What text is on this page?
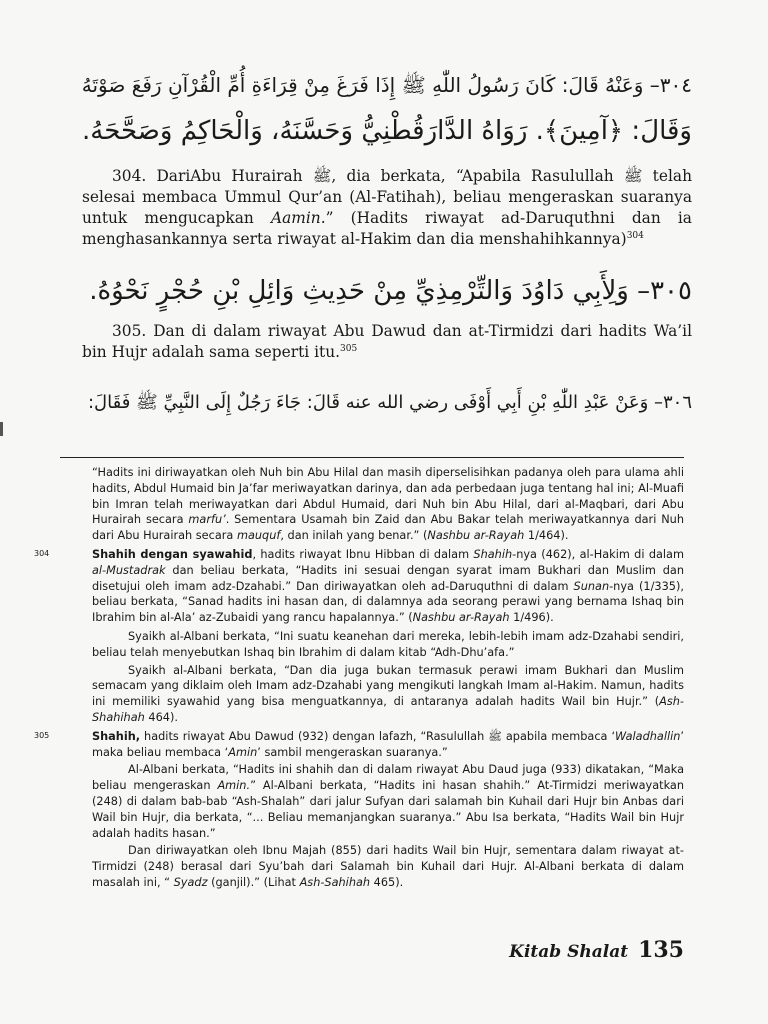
٣٠٤– وَعَنْهُ قَالَ: كَانَ رَسُولُ اللّٰهِ ﷺ إِذَا فَرَغَ مِنْ قِرَاءَةِ أُمِّ الْقُرْآنِ رَفَعَ صَوْتَهُ
وَقَالَ: ﴿آمِينَ﴾. رَوَاهُ الدَّارَقُطْنِيُّ وَحَسَّنَهُ، وَالْحَاكِمُ وَصَحَّحَهُ.
304. DariAbu Hurairah ﷺ, dia berkata, “Apabila Rasulullah ﷺ telah selesai membaca Ummul Qur’an (Al-Fatihah), beliau mengeraskan suaranya untuk mengucapkan Aamin.” (Hadits riwayat ad-Daruquthni dan ia menghasankannya serta riwayat al-Hakim dan dia menshahihkannya)$^{304}$
٣٠٥– وَلِأَبِي دَاوُدَ وَالتِّرْمِذِيِّ مِنْ حَدِيثِ وَائِلِ بْنِ حُجْرٍ نَحْوُهُ.
305. Dan di dalam riwayat Abu Dawud dan at-Tirmidzi dari hadits Wa’il bin Hujr adalah sama seperti itu.$^{305}$
٣٠٦– وَعَنْ عَبْدِ اللّٰهِ بْنِ أَبِي أَوْفَى رضي الله عنه قَالَ: جَاءَ رَجُلٌ إِلَى النَّبِيِّ ﷺ فَقَالَ:

“Hadits ini diriwayatkan oleh Nuh bin Abu Hilal dan masih diperselisihkan padanya oleh para ulama ahli hadits, Abdul Humaid bin Ja’far meriwayatkan darinya, dan ada perbedaan juga tentang hal ini; Al-Muafi bin Imran telah meriwayatkan dari Abdul Humaid, dari Nuh bin Abu Hilal, dari al-Maqbari, dari Abu Hurairah secara marfu’. Sementara Usamah bin Zaid dan Abu Bakar telah meriwayatkannya dari Nuh dari Abu Hurairah secara mauquf, dan inilah yang benar.” (Nashbu ar-Rayah 1/464).

304	Shahih dengan syawahid, hadits riwayat Ibnu Hibban di dalam Shahih-nya (462), al-Hakim di dalam al-Mustadrak dan beliau berkata, “Hadits ini sesuai dengan syarat imam Bukhari dan Muslim dan disetujui oleh imam adz-Dzahabi.” Dan diriwayatkan oleh ad-Daruquthni di dalam Sunan-nya (1/335), beliau berkata, “Sanad hadits ini hasan dan, di dalamnya ada seorang perawi yang bernama Ishaq bin Ibrahim bin al-Ala’ az-Zubaidi yang rancu hapalannya.” (Nashbu ar-Rayah 1/496).

Syaikh al-Albani berkata, “Ini suatu keanehan dari mereka, lebih-lebih imam adz-Dzahabi sendiri, beliau telah menyebutkan Ishaq bin Ibrahim di dalam kitab “Adh-Dhu’afa.”

Syaikh al-Albani berkata, “Dan dia juga bukan termasuk perawi imam Bukhari dan Muslim semacam yang diklaim oleh Imam adz-Dzahabi yang mengikuti langkah Imam al-Hakim. Namun, hadits ini memiliki syawahid yang bisa menguatkannya, di antaranya adalah hadits Wail bin Hujr.” (Ash-Shahihah 464).

305	Shahih, hadits riwayat Abu Dawud (932) dengan lafazh, “Rasulullah ﷺ apabila membaca ‘Waladhallin’ maka beliau membaca ‘Amin’ sambil mengeraskan suaranya.”

Al-Albani berkata, “Hadits ini shahih dan di dalam riwayat Abu Daud juga (933) dikatakan, “Maka beliau mengeraskan Amin.” Al-Albani berkata, “Hadits ini hasan shahih.” At-Tirmidzi meriwayatkan (248) di dalam bab-bab “Ash-Shalah” dari jalur Sufyan dari salamah bin Kuhail dari Hujr bin Anbas dari Wail bin Hujr, dia berkata, “... Beliau memanjangkan suaranya.” Abu Isa berkata, “Hadits Wail bin Hujr adalah hadits hasan.”

Dan diriwayatkan oleh Ibnu Majah (855) dari hadits Wail bin Hujr, sementara dalam riwayat at-Tirmidzi (248) berasal dari Syu’bah dari Salamah bin Kuhail dari Hujr. Al-Albani berkata di dalam masalah ini, “ Syadz (ganjil).” (Lihat Ash-Sahihah 465).

Kitab Shalat 135
